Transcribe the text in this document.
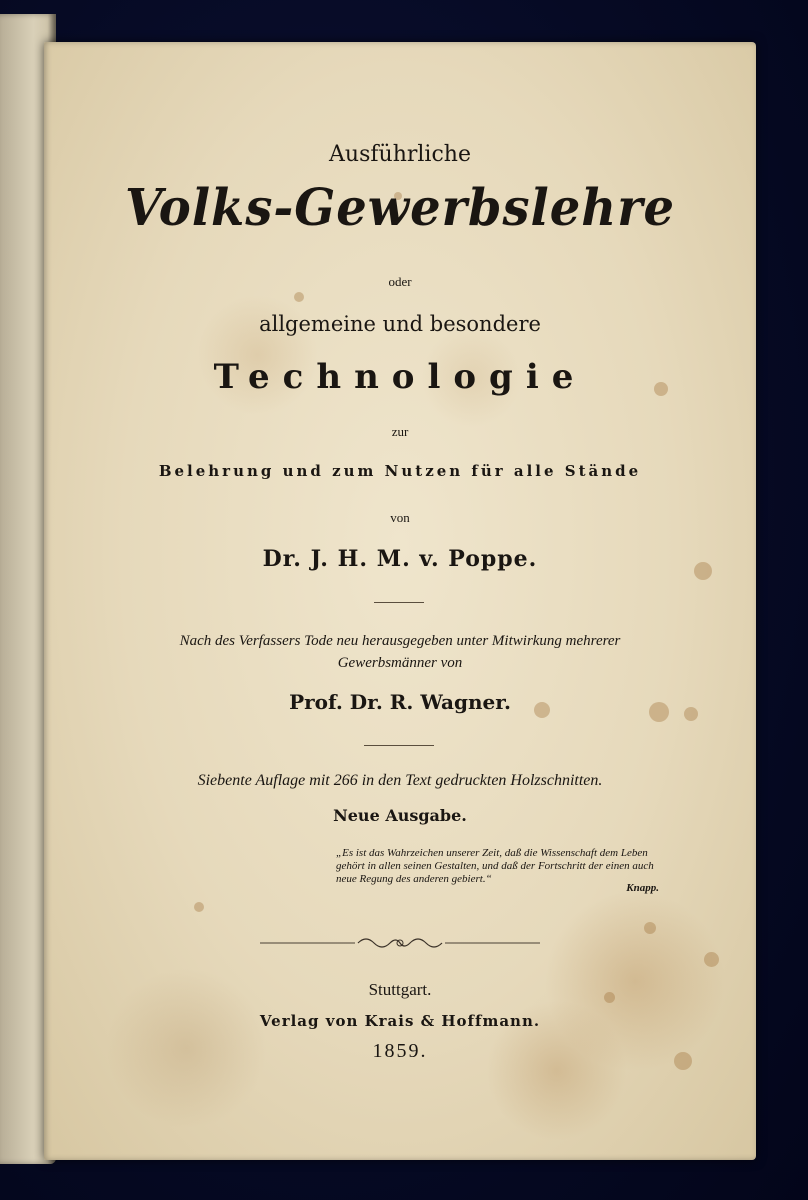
Ausführliche
Volks-Gewerbslehre
oder
allgemeine und besondere
Technologie
zur
Belehrung und zum Nutzen für alle Stände
von
Dr. J. H. M. v. Poppe.
Nach des Verfassers Tode neu herausgegeben unter Mitwirkung mehrerer
Gewerbsmänner von
Prof. Dr. R. Wagner.
Siebente Auflage mit 266 in den Text gedruckten Holzschnitten.
Neue Ausgabe.
„Es ist das Wahrzeichen unserer Zeit, daß die Wissenschaft dem Leben gehört in allen seinen Gestalten, und daß der Fortschritt der einen auch neue Regung des anderen gebiert.“
Knapp.
Stuttgart.
Verlag von Krais & Hoffmann.
1859.
